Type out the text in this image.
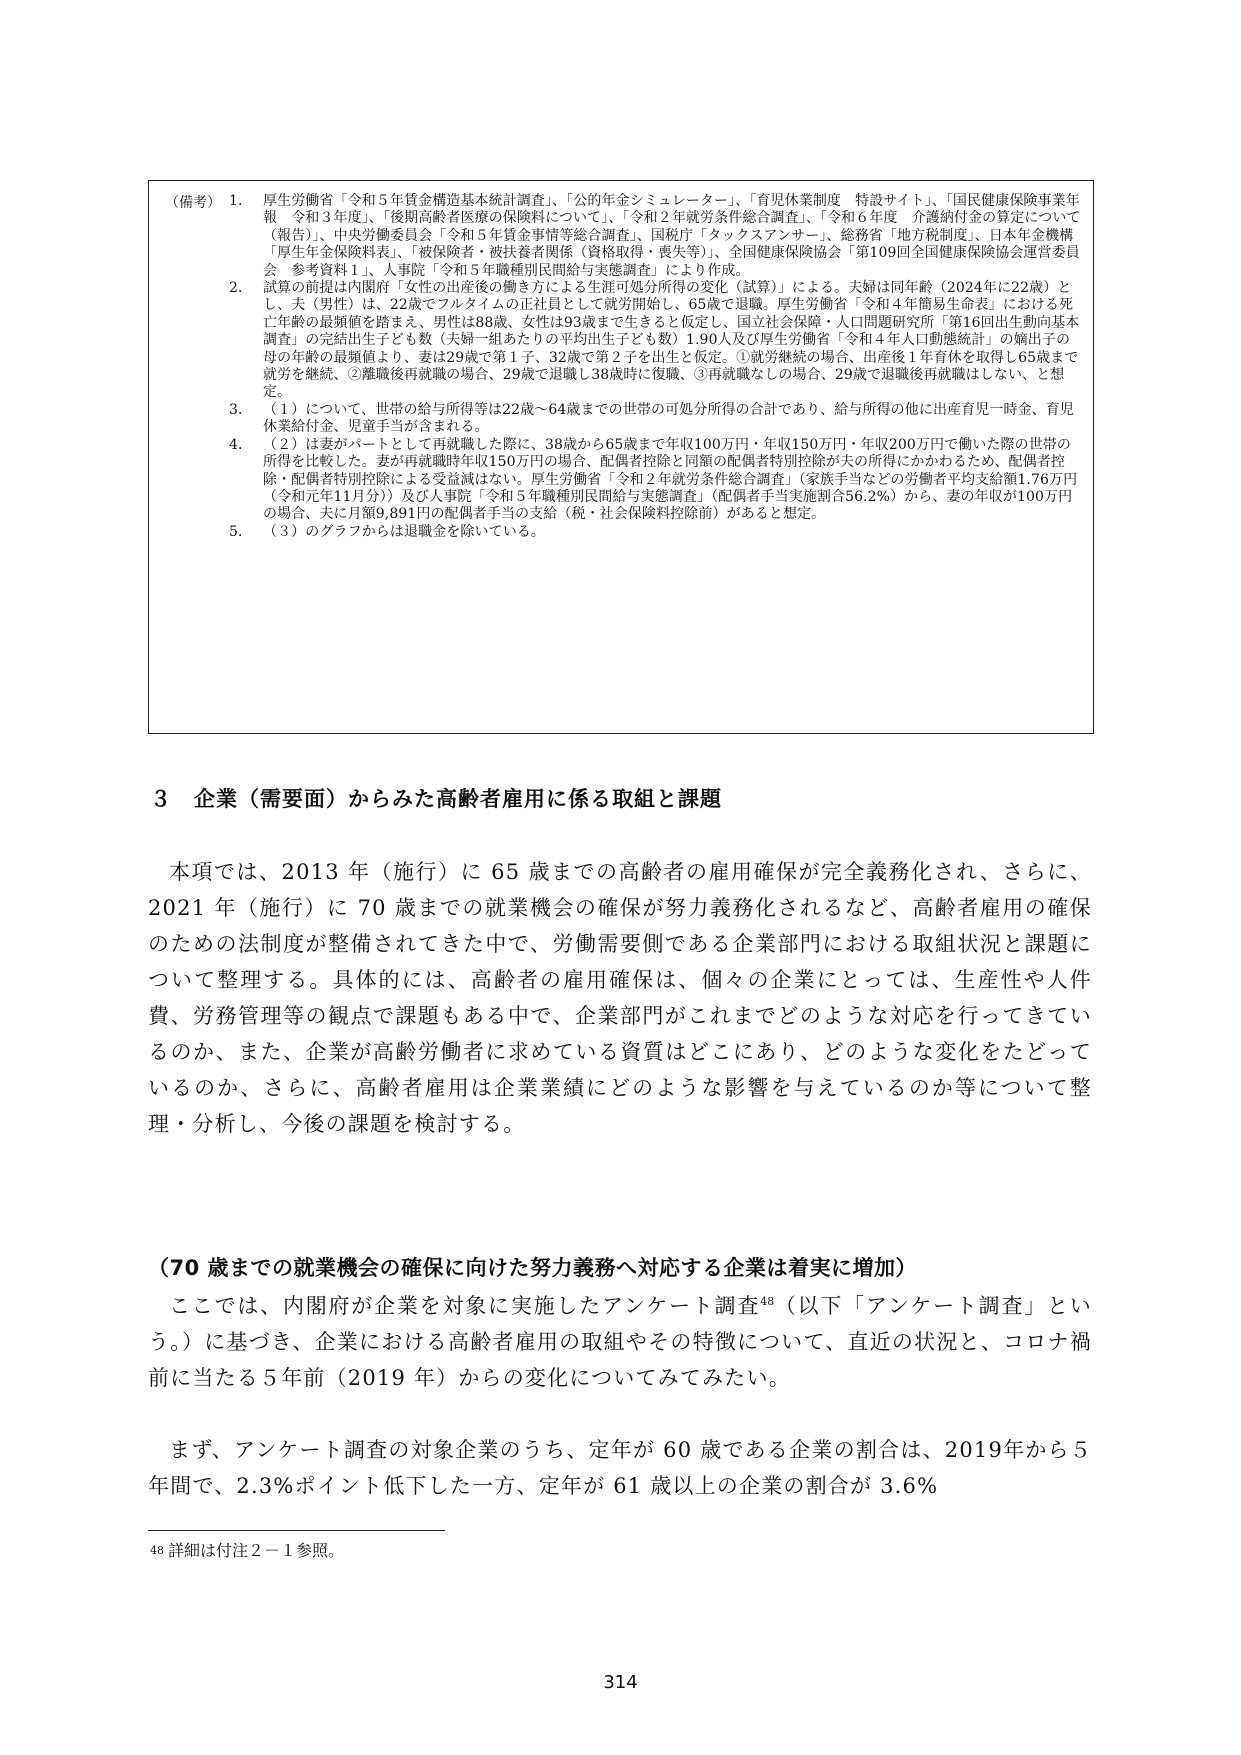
（備考） 1． 厚生労働省「令和５年賃金構造基本統計調査」、「公的年金シミュレーター」、「育児休業制度　特設サイト」、「国民健康保険事業年報　令和３年度」、「後期高齢者医療の保険料について」、「令和２年就労条件総合調査」、「令和６年度　介護納付金の算定について（報告）」、中央労働委員会「令和５年賃金事情等総合調査」、国税庁「タックスアンサー」、総務省「地方税制度」、日本年金機構「厚生年金保険料表」、「被保険者・被扶養者関係（資格取得・喪失等）」、全国健康保険協会「第109回全国健康保険協会運営委員会　参考資料１」、人事院「令和５年職種別民間給与実態調査」により作成。
2． 試算の前提は内閣府「女性の出産後の働き方による生涯可処分所得の変化（試算）」による。夫婦は同年齢（2024年に22歳）とし、夫（男性）は、22歳でフルタイムの正社員として就労開始し、65歳で退職。厚生労働省「令和４年簡易生命表」における死亡年齢の最頻値を踏まえ、男性は88歳、女性は93歳まで生きると仮定し、国立社会保障・人口問題研究所「第16回出生動向基本調査」の完結出生子ども数（夫婦一組あたりの平均出生子ども数）1.90人及び厚生労働省「令和４年人口動態統計」の嫡出子の母の年齢の最頻値より、妻は29歳で第１子、32歳で第２子を出生と仮定。①就労継続の場合、出産後１年育休を取得し65歳まで就労を継続、②離職後再就職の場合、29歳で退職し38歳時に復職、③再就職なしの場合、29歳で退職後再就職はしない、と想定。
3． （１）について、世帯の給与所得等は22歳～64歳までの世帯の可処分所得の合計であり、給与所得の他に出産育児一時金、育児休業給付金、児童手当が含まれる。
4． （２）は妻がパートとして再就職した際に、38歳から65歳まで年収100万円・年収150万円・年収200万円で働いた際の世帯の所得を比較した。妻が再就職時年収150万円の場合、配偶者控除と同額の配偶者特別控除が夫の所得にかかわるため、配偶者控除・配偶者特別控除による受益減はない。厚生労働省「令和２年就労条件総合調査」（家族手当などの労働者平均支給額1.76万円（令和元年11月分））及び人事院「令和５年職種別民間給与実態調査」（配偶者手当実施割合56.2%）から、妻の年収が100万円の場合、夫に月額9,891円の配偶者手当の支給（税・社会保険料控除前）があると想定。
5． （３）のグラフからは退職金を除いている。
３　企業（需要面）からみた高齢者雇用に係る取組と課題

本項では、2013 年（施行）に 65 歳までの高齢者の雇用確保が完全義務化され、さらに、2021 年（施行）に 70 歳までの就業機会の確保が努力義務化されるなど、高齢者雇用の確保のための法制度が整備されてきた中で、労働需要側である企業部門における取組状況と課題について整理する。具体的には、高齢者の雇用確保は、個々の企業にとっては、生産性や人件費、労務管理等の観点で課題もある中で、企業部門がこれまでどのような対応を行ってきているのか、また、企業が高齢労働者に求めている資質はどこにあり、どのような変化をたどっているのか、さらに、高齢者雇用は企業業績にどのような影響を与えているのか等について整理・分析し、今後の課題を検討する。

（70 歳までの就業機会の確保に向けた努力義務へ対応する企業は着実に増加）

ここでは、内閣府が企業を対象に実施したアンケート調査$^{48}$（以下「アンケート調査」という。）に基づき、企業における高齢者雇用の取組やその特徴について、直近の状況と、コロナ禍前に当たる５年前（2019 年）からの変化についてみてみたい。

まず、アンケート調査の対象企業のうち、定年が 60 歳である企業の割合は、2019年から５年間で、2.3%ポイント低下した一方、定年が 61 歳以上の企業の割合が 3.6%

$^{48}$ 詳細は付注２－１参照。
314
